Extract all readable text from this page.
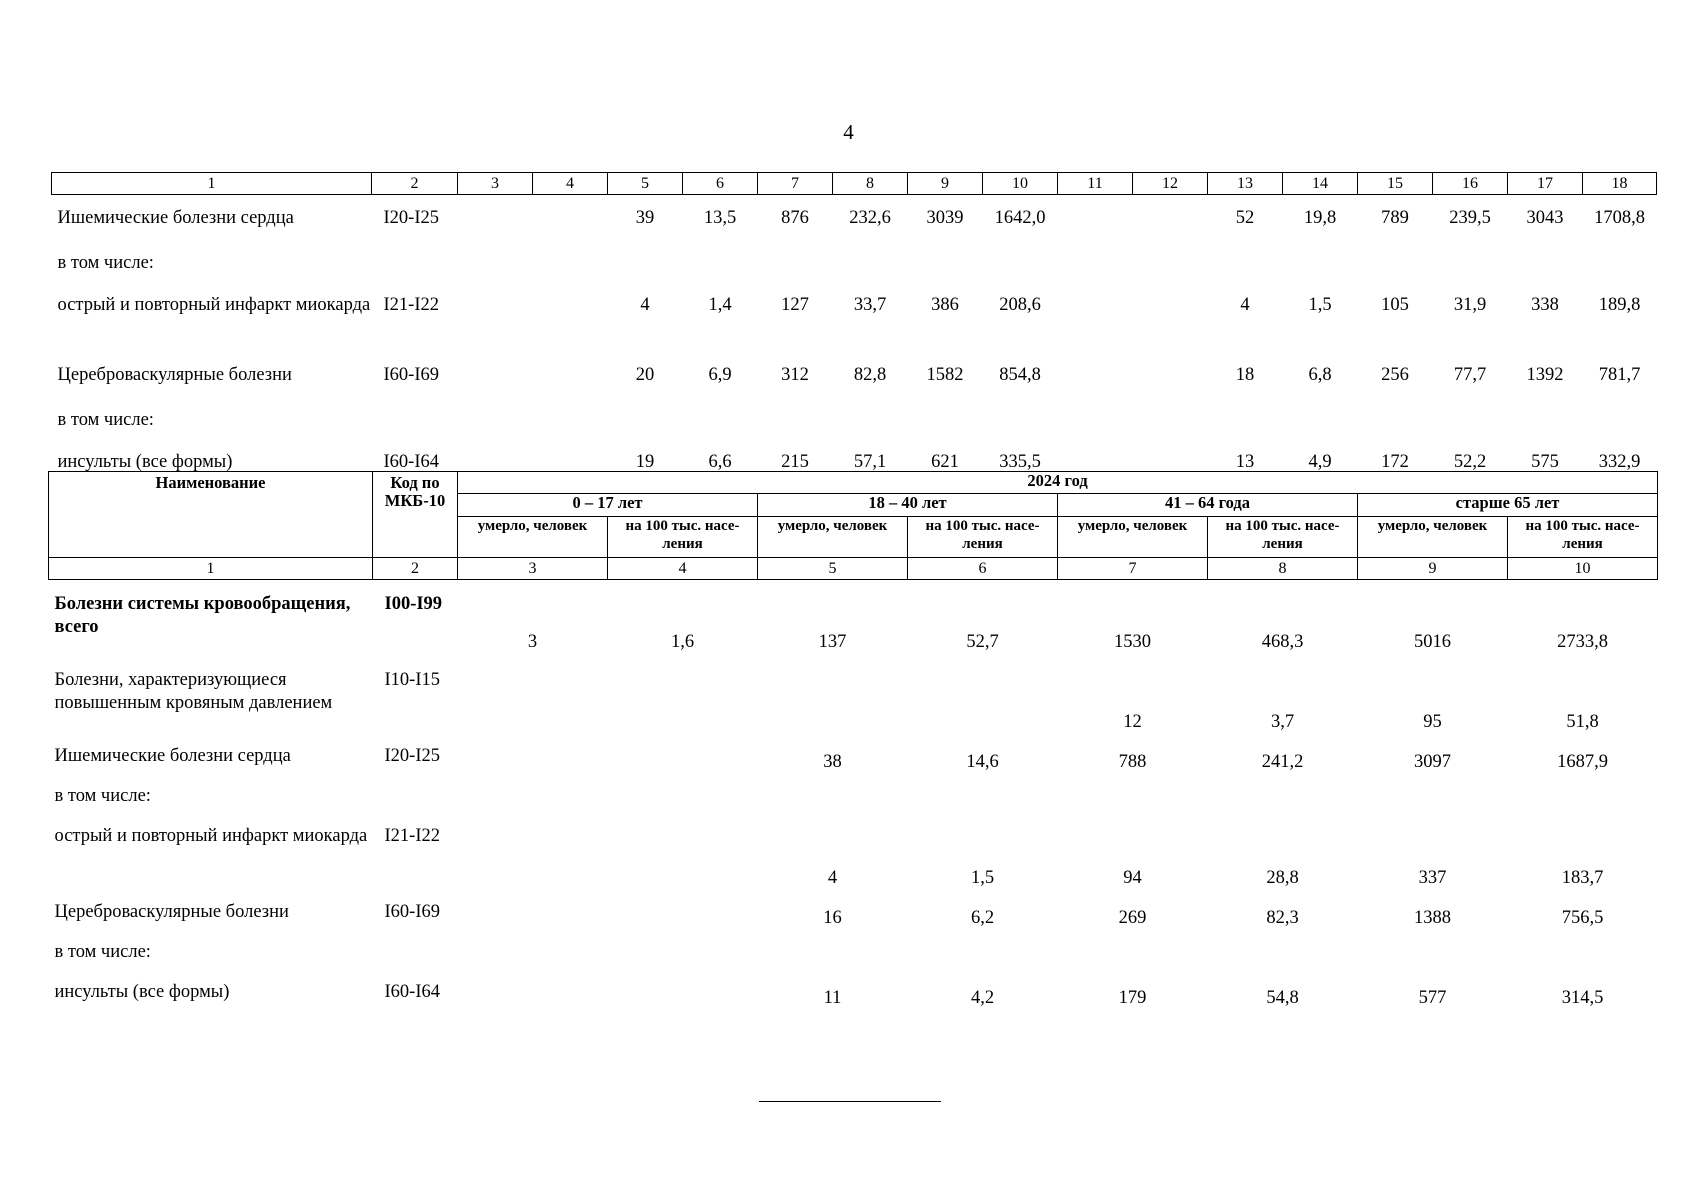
4
1	2	3	4	5	6	7	8	9	10	11	12	13	14	15	16	17	18
Ишемические болезни сердца	I20-I25			39	13,5	876	232,6	3039	1642,0			52	19,8	789	239,5	3043	1708,8
в том числе:																	
острый и повторный инфаркт миокарда	I21-I22			4	1,4	127	33,7	386	208,6			4	1,5	105	31,9	338	189,8
Цереброваскулярные болезни	I60-I69			20	6,9	312	82,8	1582	854,8			18	6,8	256	77,7	1392	781,7
в том числе:																	
инсульты (все формы)	I60-I64			19	6,6	215	57,1	621	335,5			13	4,9	172	52,2	575	332,9
Наименование	Код по МКБ-10	2024 год							
		0 – 17 лет		18 – 40 лет		41 – 64 года		старше 65 лет	
		умерло, человек	на 100 тыс. насе-ления	умерло, человек	на 100 тыс. насе-ления	умерло, человек	на 100 тыс. насе-ления	умерло, человек	на 100 тыс. насе-ления
1	2	3	4	5	6	7	8	9	10
Болезни системы кровообращения, всего	I00-I99	3	1,6	137	52,7	1530	468,3	5016	2733,8
Болезни, характеризующиеся повышенным кровяным давлением	I10-I15					12	3,7	95	51,8
Ишемические болезни сердца	I20-I25			38	14,6	788	241,2	3097	1687,9
в том числе:									
острый и повторный инфаркт миокарда	I21-I22			4	1,5	94	28,8	337	183,7
Цереброваскулярные болезни	I60-I69			16	6,2	269	82,3	1388	756,5
в том числе:									
инсульты (все формы)	I60-I64			11	4,2	179	54,8	577	314,5
